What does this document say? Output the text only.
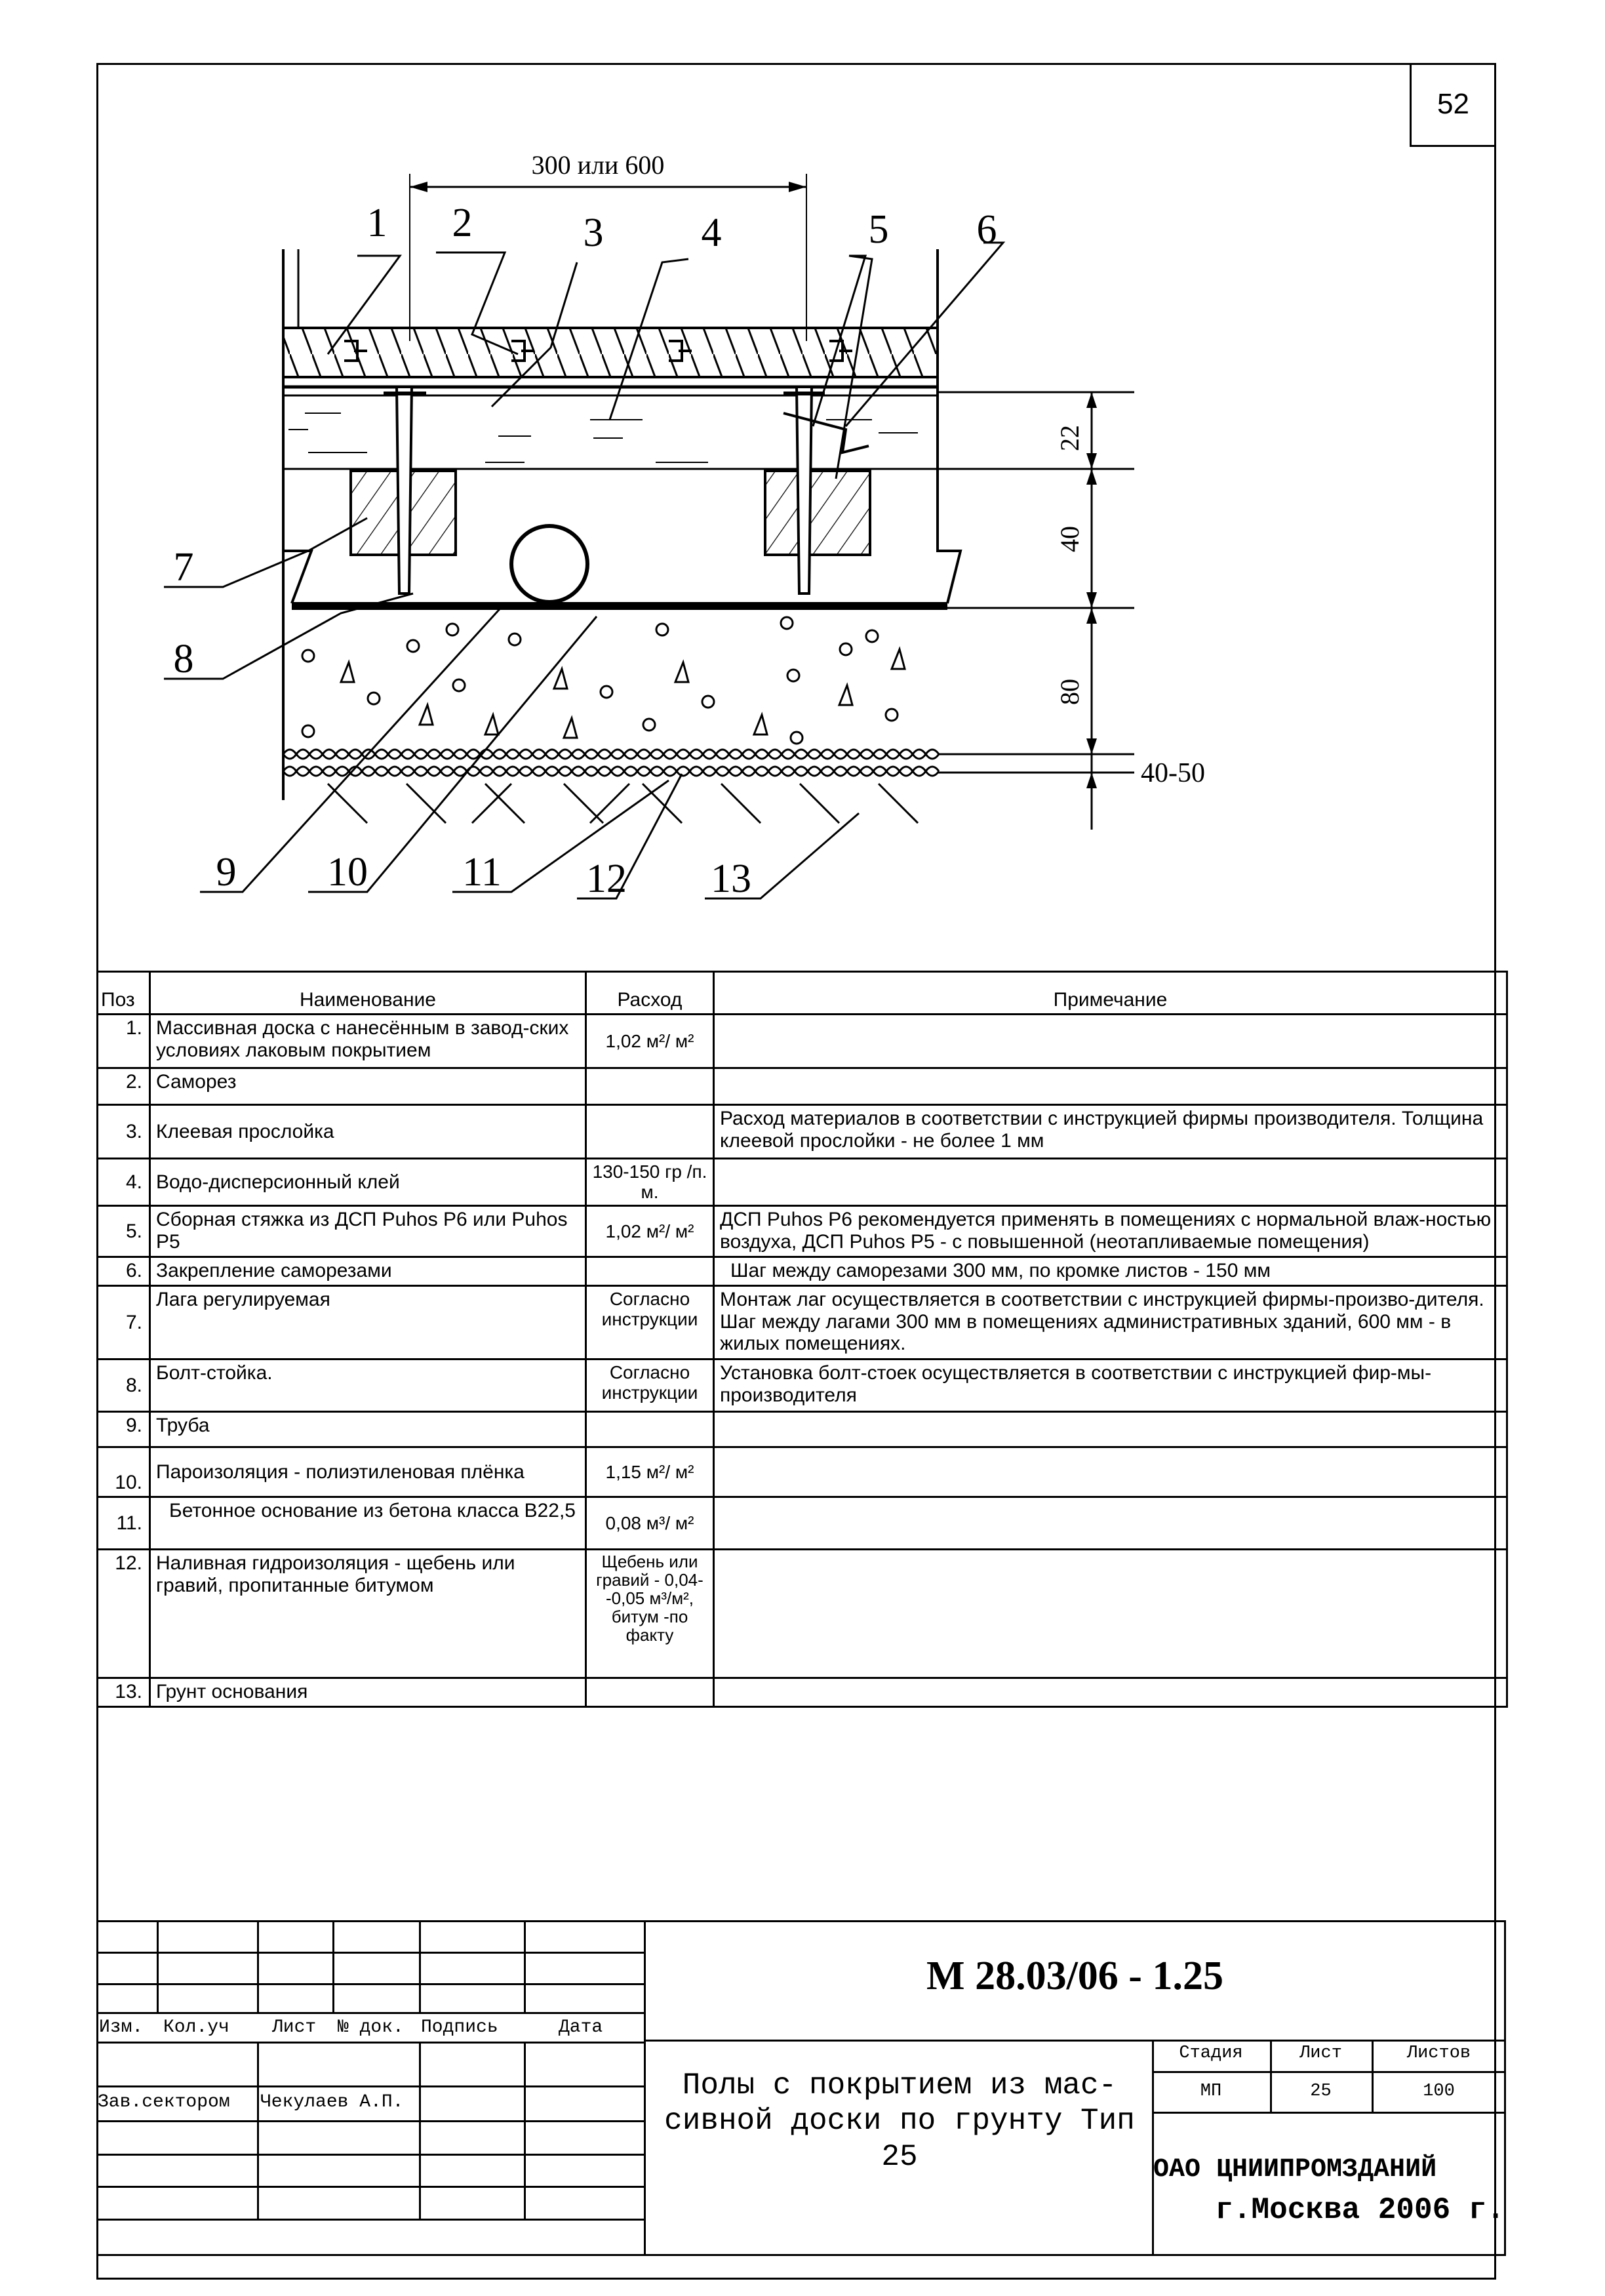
52
300 или 600
22
40
80
40-50
1 2	3 4	5 6
7
8
9 10 11 12 13
Поз	Наименование	Расход	Примечание
1.	Массивная доска с нанесённым в завод-ских условиях лаковым покрытием	1,02 м²/ м²	
2.	Саморез		
3.	Клеевая прослойка		Расход материалов в соответствии с инструкцией фирмы производителя. Толщина клеевой прослойки - не более 1 мм
4.	Водо-дисперсионный клей	130-150 гр /п. м.	
5.	Сборная стяжка из ДСП Puhos P6 или Puhos P5	1,02 м²/ м²	ДСП Puhos P6 рекомендуется применять в помещениях с нормальной влаж-ностью воздуха, ДСП Puhos P5 - с повышенной (неотапливаемые помещения)
6.	Закрепление саморезами		Шаг между саморезами 300 мм, по кромке листов - 150 мм
7.	Лага регулируемая	Согласно инструкции	Монтаж лаг осуществляется в соответствии с инструкцией фирмы-произво-дителя. Шаг между лагами 300 мм в помещениях административных зданий, 600 мм - в жилых помещениях.
8.	Болт-стойка.	Согласно инструкции	Установка болт-стоек осуществляется в соответствии с инструкцией фир-мы-производителя
9.	Труба		
10.	Пароизоляция - полиэтиленовая плёнка	1,15 м²/ м²	
11.	Бетонное основание из бетона класса B22,5	0,08 м³/ м²	
12.	Наливная гидроизоляция - щебень или гравий, пропитанные битумом	Щебень или гравий - 0,04--0,05 м³/м², битум -по факту	
13.	Грунт основания		
Изм. Кол.уч Лист № док. Подпись	Дата
Зав.сектором Чекулаев А.П.
М 28.03/06 - 1.25
Полы с покрытием из мас-сивной доски по грунту Тип 25
Стадия	Лист	Листов
МП	25	100
ОАО ЦНИИПРОМЗДАНИЙ
г.Москва 2006 г.
